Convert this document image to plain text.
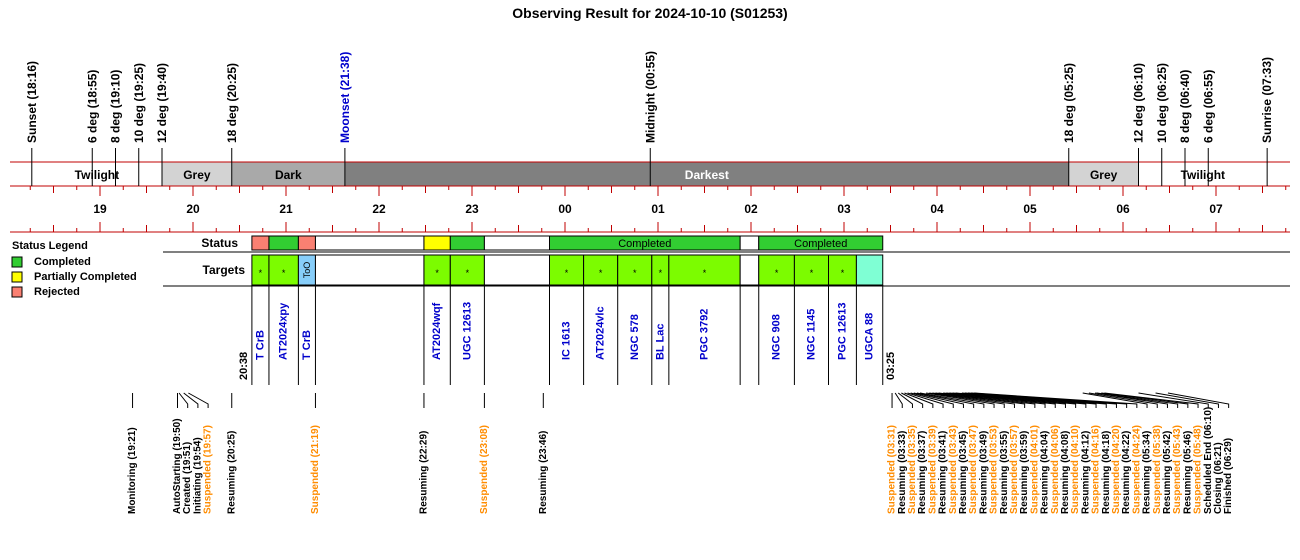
Observing Result for 2024-10-10 (S01253)
Twilight	Grey	Dark	Darkest	Grey	Twilight
19	20	21	22	23	00	01	02	03	04	05	06	07
Sunset (18:16)	6 deg (18:55) 8 deg (19:10) 10 deg (19:25) 12 deg (19:40)	18 deg (20:25)	Moonset (21:38)	Midnight (00:55)	18 deg (05:25)	12 deg (06:10) 10 deg (06:25) 8 deg (06:40) 6 deg (06:55)	Sunrise (07:33)
Status
Targets
Completed	Completed
*
T CrB
*
AT2024xpy
ToO
T CrB
*
AT2024wqf
*
UGC 12613
*
IC 1613
*
AT2024vlc
*
NGC 578
*
BL Lac
*
PGC 3792
*
NGC 908
*
NGC 1145
*
PGC 12613 UGCA 88
20:38	03:25
Status Legend
Completed
Partially Completed
Rejected
Monitoring (19:21)	AutoStarting (19:50) Created (19:51) Initiating (19:54) Suspended (19:57) Resuming (20:25)	Suspended (21:19)	Resuming (22:29)	Suspended (23:08)	Resuming (23:46)	Suspended (03:31) Resuming (03:33) Suspended (03:35) Resuming (03:37) Suspended (03:39) Resuming (03:41) Suspended (03:43) Resuming (03:45) Suspended (03:47) Resuming (03:49) Suspended (03:53) Resuming (03:55) Suspended (03:57) Resuming (03:59) Suspended (04:01) Resuming (04:04) Suspended (04:06) Resuming (04:08) Suspended (04:10) Resuming (04:12) Suspended (04:16) Resuming (04:18) Suspended (04:20) Resuming (04:22) Suspended (04:24) Resuming (05:34) Suspended (05:38) Resuming (05:42) Suspended (05:43) Resuming (05:46) Suspended (05:48) Scheduled End (06:10) Closing (06:21) Finished (06:29)
